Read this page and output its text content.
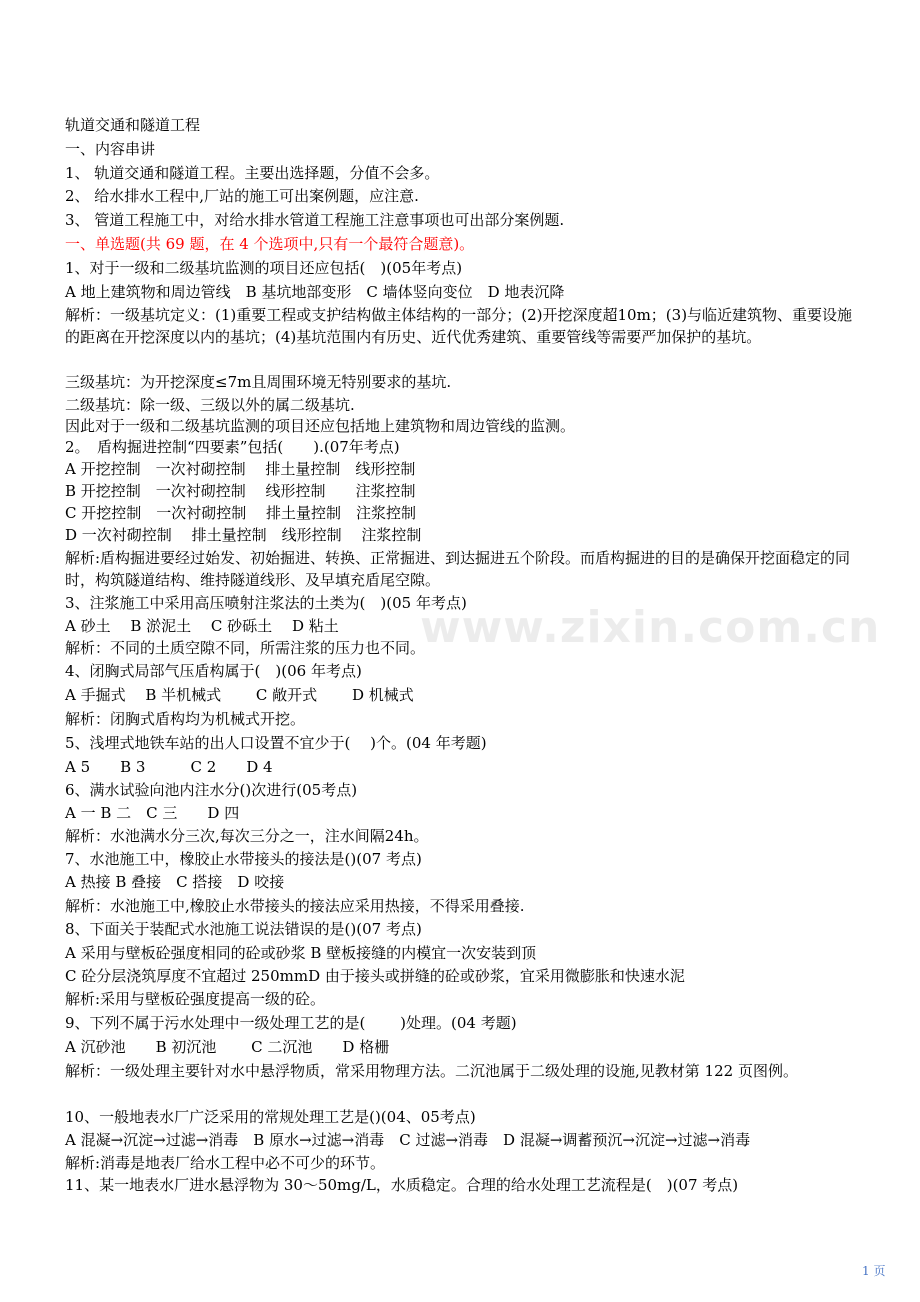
轨道交通和隧道工程
一、内容串讲
1、 轨道交通和隧道工程。主要出选择题，分值不会多。
2、 给水排水工程中,厂站的施工可出案例题，应注意.
3、 管道工程施工中，对给水排水管道工程施工注意事项也可出部分案例题.
一、单选题(共 69 题，在 4 个选项中,只有一个最符合题意)。
1、对于一级和二级基坑监测的项目还应包括(　)(05年考点)
A 地上建筑物和周边管线　B 基坑地部变形　C 墙体竖向变位　D 地表沉降
解析：一级基坑定义：(1)重要工程或支护结构做主体结构的一部分；(2)开挖深度超10m；(3)与临近建筑物、重要设施的距离在开挖深度以内的基坑；(4)基坑范围内有历史、近代优秀建筑、重要管线等需要严加保护的基坑。
三级基坑：为开挖深度≤7m且周围环境无特别要求的基坑.
二级基坑：除一级、三级以外的属二级基坑.
因此对于一级和二级基坑监测的项目还应包括地上建筑物和周边管线的监测。
2。　盾构掘进控制“四要素”包括(　　).(07年考点)
A 开挖控制　一次衬砌控制　 排土量控制　线形控制
B 开挖控制　一次衬砌控制　 线形控制　　注浆控制
C 开挖控制　一次衬砌控制　 排土量控制　注浆控制
D 一次衬砌控制　 排土量控制　线形控制　 注浆控制
解析:盾构掘进要经过始发、初始掘进、转换、正常掘进、到达掘进五个阶段。而盾构掘进的目的是确保开挖面稳定的同时，构筑隧道结构、维持隧道线形、及早填充盾尾空隙。
3、注浆施工中采用高压喷射注浆法的土类为(　)(05 年考点)
A 砂土　 B 淤泥土　 C 砂砾土　 D 粘土
解析：不同的土质空隙不同，所需注浆的压力也不同。
4、闭胸式局部气压盾构属于(　)(06 年考点)
A 手掘式　 B 半机械式　　 C 敞开式　　 D 机械式
解析：闭胸式盾构均为机械式开挖。
5、浅埋式地铁车站的出人口设置不宜少于(　 )个。(04 年考题)
A 5　　B 3　　　C 2　　D 4
6、满水试验向池内注水分()次进行(05考点)
A 一 B 二　C 三　　D 四
解析：水池满水分三次,每次三分之一，注水间隔24h。
7、水池施工中，橡胶止水带接头的接法是()(07 考点)
A 热接 B 叠接　C 搭接　D 咬接
解析：水池施工中,橡胶止水带接头的接法应采用热接，不得采用叠接.
8、下面关于装配式水池施工说法错误的是()(07 考点)
A 采用与壁板砼强度相同的砼或砂浆 B 壁板接缝的内模宜一次安装到顶
C 砼分层浇筑厚度不宜超过 250mmD 由于接头或拼缝的砼或砂浆，宜采用微膨胀和快速水泥
解析:采用与壁板砼强度提高一级的砼。
9、下列不属于污水处理中一级处理工艺的是(　　 )处理。(04 考题)
A 沉砂池　　B 初沉池　　 C 二沉池　　D 格栅
解析：一级处理主要针对水中悬浮物质，常采用物理方法。二沉池属于二级处理的设施,见教材第 122 页图例。
10、一般地表水厂广泛采用的常规处理工艺是()(04、05考点)
A 混凝→沉淀→过滤→消毒　B 原水→过滤→消毒　C 过滤→消毒　D 混凝→调蓄预沉→沉淀→过滤→消毒
解析:消毒是地表厂给水工程中必不可少的环节。
11、某一地表水厂进水悬浮物为 30～50mg/L，水质稳定。合理的给水处理工艺流程是(　)(07 考点)
www.zixin.com.cn
1 页
